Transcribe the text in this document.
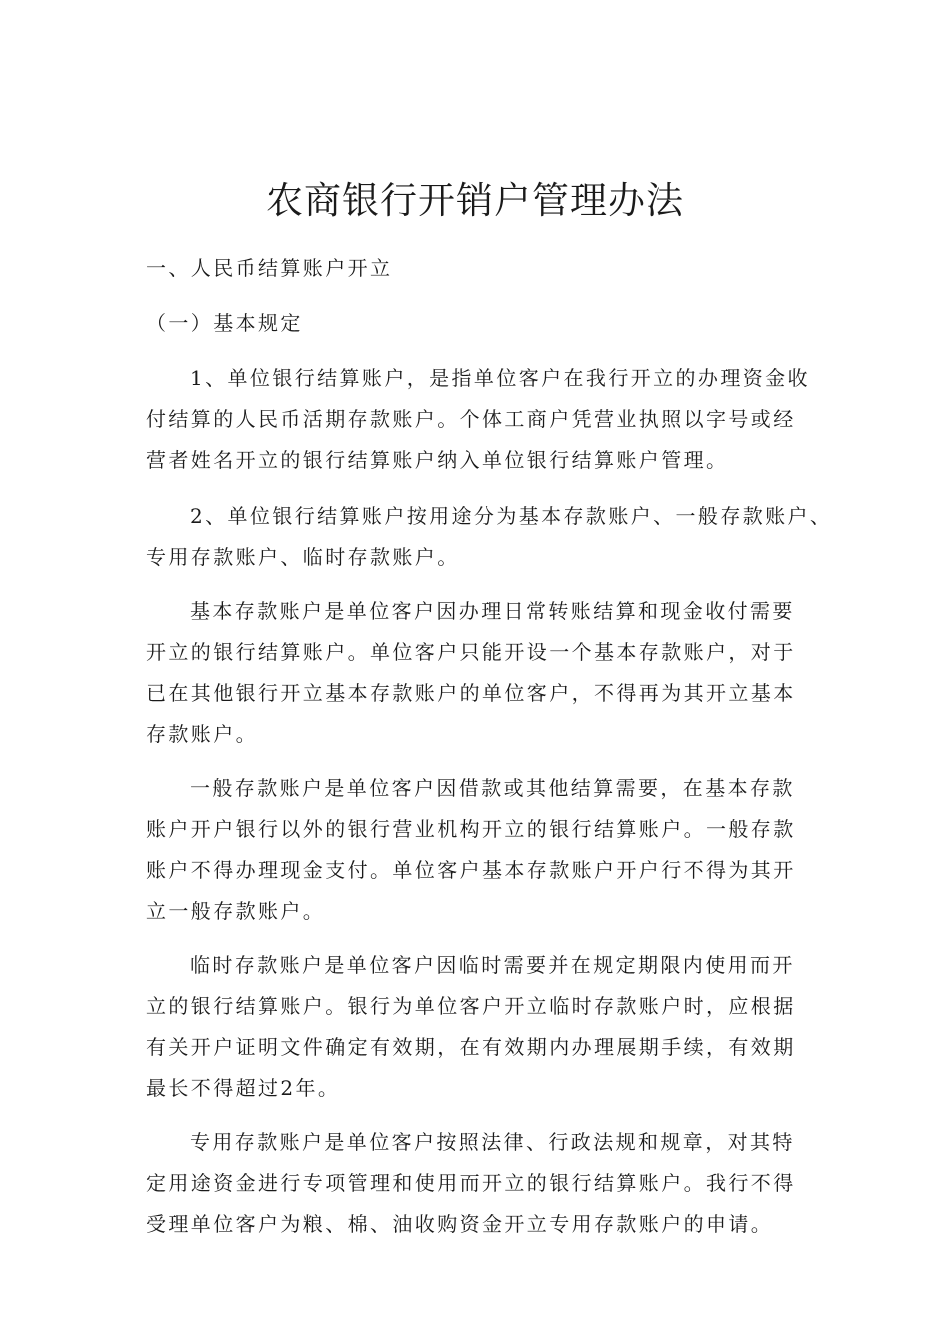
农商银行开销户管理办法

一、人民币结算账户开立

（一）基本规定

1、单位银行结算账户，是指单位客户在我行开立的办理资金收
付结算的人民币活期存款账户。个体工商户凭营业执照以字号或经
营者姓名开立的银行结算账户纳入单位银行结算账户管理。

2、单位银行结算账户按用途分为基本存款账户、一般存款账户、
专用存款账户、临时存款账户。

基本存款账户是单位客户因办理日常转账结算和现金收付需要
开立的银行结算账户。单位客户只能开设一个基本存款账户，对于
已在其他银行开立基本存款账户的单位客户，不得再为其开立基本
存款账户。

一般存款账户是单位客户因借款或其他结算需要，在基本存款
账户开户银行以外的银行营业机构开立的银行结算账户。一般存款
账户不得办理现金支付。单位客户基本存款账户开户行不得为其开
立一般存款账户。

临时存款账户是单位客户因临时需要并在规定期限内使用而开
立的银行结算账户。银行为单位客户开立临时存款账户时，应根据
有关开户证明文件确定有效期，在有效期内办理展期手续，有效期
最长不得超过2年。

专用存款账户是单位客户按照法律、行政法规和规章，对其特
定用途资金进行专项管理和使用而开立的银行结算账户。我行不得
受理单位客户为粮、棉、油收购资金开立专用存款账户的申请。
